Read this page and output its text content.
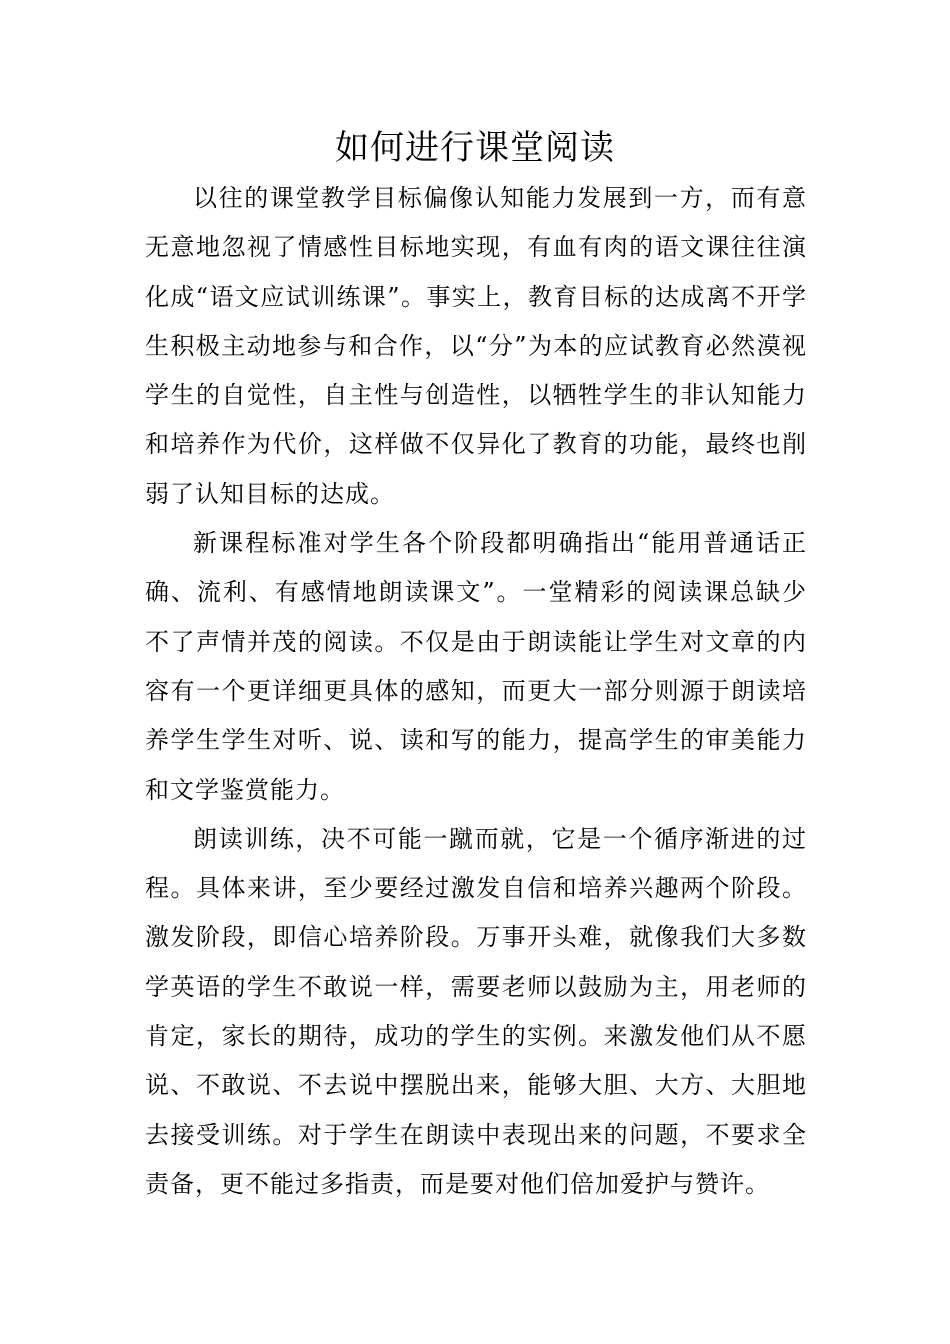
如何进行课堂阅读

以往的课堂教学目标偏像认知能力发展到一方，而有意无意地忽视了情感性目标地实现，有血有肉的语文课往往演化成“语文应试训练课”。事实上，教育目标的达成离不开学生积极主动地参与和合作，以“分”为本的应试教育必然漠视学生的自觉性，自主性与创造性，以牺牲学生的非认知能力和培养作为代价，这样做不仅异化了教育的功能，最终也削弱了认知目标的达成。

新课程标准对学生各个阶段都明确指出“能用普通话正确、流利、有感情地朗读课文”。一堂精彩的阅读课总缺少不了声情并茂的阅读。不仅是由于朗读能让学生对文章的内容有一个更详细更具体的感知，而更大一部分则源于朗读培养学生学生对听、说、读和写的能力，提高学生的审美能力和文学鉴赏能力。

朗读训练，决不可能一蹴而就，它是一个循序渐进的过程。具体来讲，至少要经过激发自信和培养兴趣两个阶段。激发阶段，即信心培养阶段。万事开头难，就像我们大多数学英语的学生不敢说一样，需要老师以鼓励为主，用老师的肯定，家长的期待，成功的学生的实例。来激发他们从不愿说、不敢说、不去说中摆脱出来，能够大胆、大方、大胆地去接受训练。对于学生在朗读中表现出来的问题，不要求全责备，更不能过多指责，而是要对他们倍加爱护与赞许。
